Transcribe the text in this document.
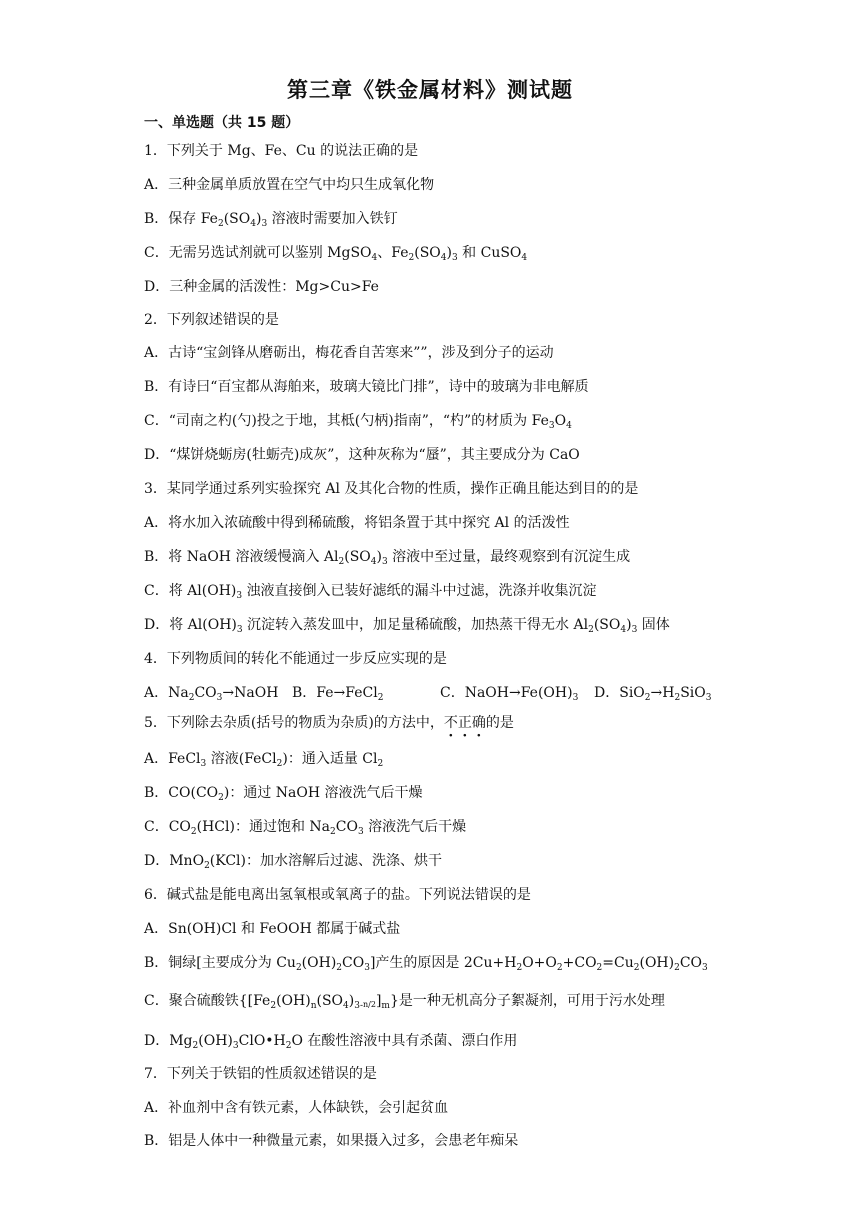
第三章《铁金属材料》测试题
一、单选题（共 15 题）
1．下列关于 Mg、Fe、Cu 的说法正确的是
A．三种金属单质放置在空气中均只生成氧化物
B．保存 $Fe_2(SO_4)_3$ 溶液时需要加入铁钉
C．无需另选试剂就可以鉴别 MgSO$_4$、$Fe_2(SO_4)_3$ 和 CuSO$_4$
D．三种金属的活泼性：Mg>Cu>Fe
2．下列叙述错误的是
A．古诗“宝剑锋从磨砺出，梅花香自苦寒来””，涉及到分子的运动
B．有诗曰“百宝都从海舶来，玻璃大镜比门排”，诗中的玻璃为非电解质
C．“司南之杓(勺)投之于地，其柢(勺柄)指南”，“杓”的材质为 $Fe_3O_4$
D．“煤饼烧蛎房(牡蛎壳)成灰”，这种灰称为“蜃”，其主要成分为 CaO
3．某同学通过系列实验探究 Al 及其化合物的性质，操作正确且能达到目的的是
A．将水加入浓硫酸中得到稀硫酸，将铝条置于其中探究 Al 的活泼性
B．将 NaOH 溶液缓慢滴入 $Al_2(SO_4)_3$ 溶液中至过量，最终观察到有沉淀生成
C．将 $Al(OH)_3$ 浊液直接倒入已装好滤纸的漏斗中过滤，洗涤并收集沉淀
D．将 $Al(OH)_3$ 沉淀转入蒸发皿中，加足量稀硫酸，加热蒸干得无水 $Al_2(SO_4)_3$ 固体
4．下列物质间的转化不能通过一步反应实现的是
A．$Na_2CO_3\to NaOH$ B．Fe→FeCl$_2$	C．$NaOH\to Fe(OH)_3$ D．$SiO_2\to H_2SiO_3$
5．下列除去杂质(括号的物质为杂质)的方法中，不正确的是
A．FeCl$_3$ 溶液(FeCl$_2$)：通入适量 $Cl_2$
B．$CO(CO_2)$：通过 NaOH 溶液洗气后干燥
C．$CO_2(HCl)$：通过饱和 $Na_2CO_3$ 溶液洗气后干燥
D．MnO$_2$(KCl)：加水溶解后过滤、洗涤、烘干
6．碱式盐是能电离出氢氧根或氧离子的盐。下列说法错误的是
A．Sn(OH)Cl 和 FeOOH 都属于碱式盐
B．铜绿[主要成分为 $Cu_2(OH)_2CO_3$]产生的原因是 $2Cu+H_2O+O_2+CO_2=Cu_2(OH)_2CO_3$
C．聚合硫酸铁$\{[Fe_2(OH)_n(SO_4)_{3-}n/2]_m\}$是一种无机高分子絮凝剂，可用于污水处理
D．$Mg_2(OH)_3ClO•H_2O$ 在酸性溶液中具有杀菌、漂白作用
7．下列关于铁铝的性质叙述错误的是
A．补血剂中含有铁元素，人体缺铁，会引起贫血
B．铝是人体中一种微量元素，如果摄入过多，会患老年痴呆
